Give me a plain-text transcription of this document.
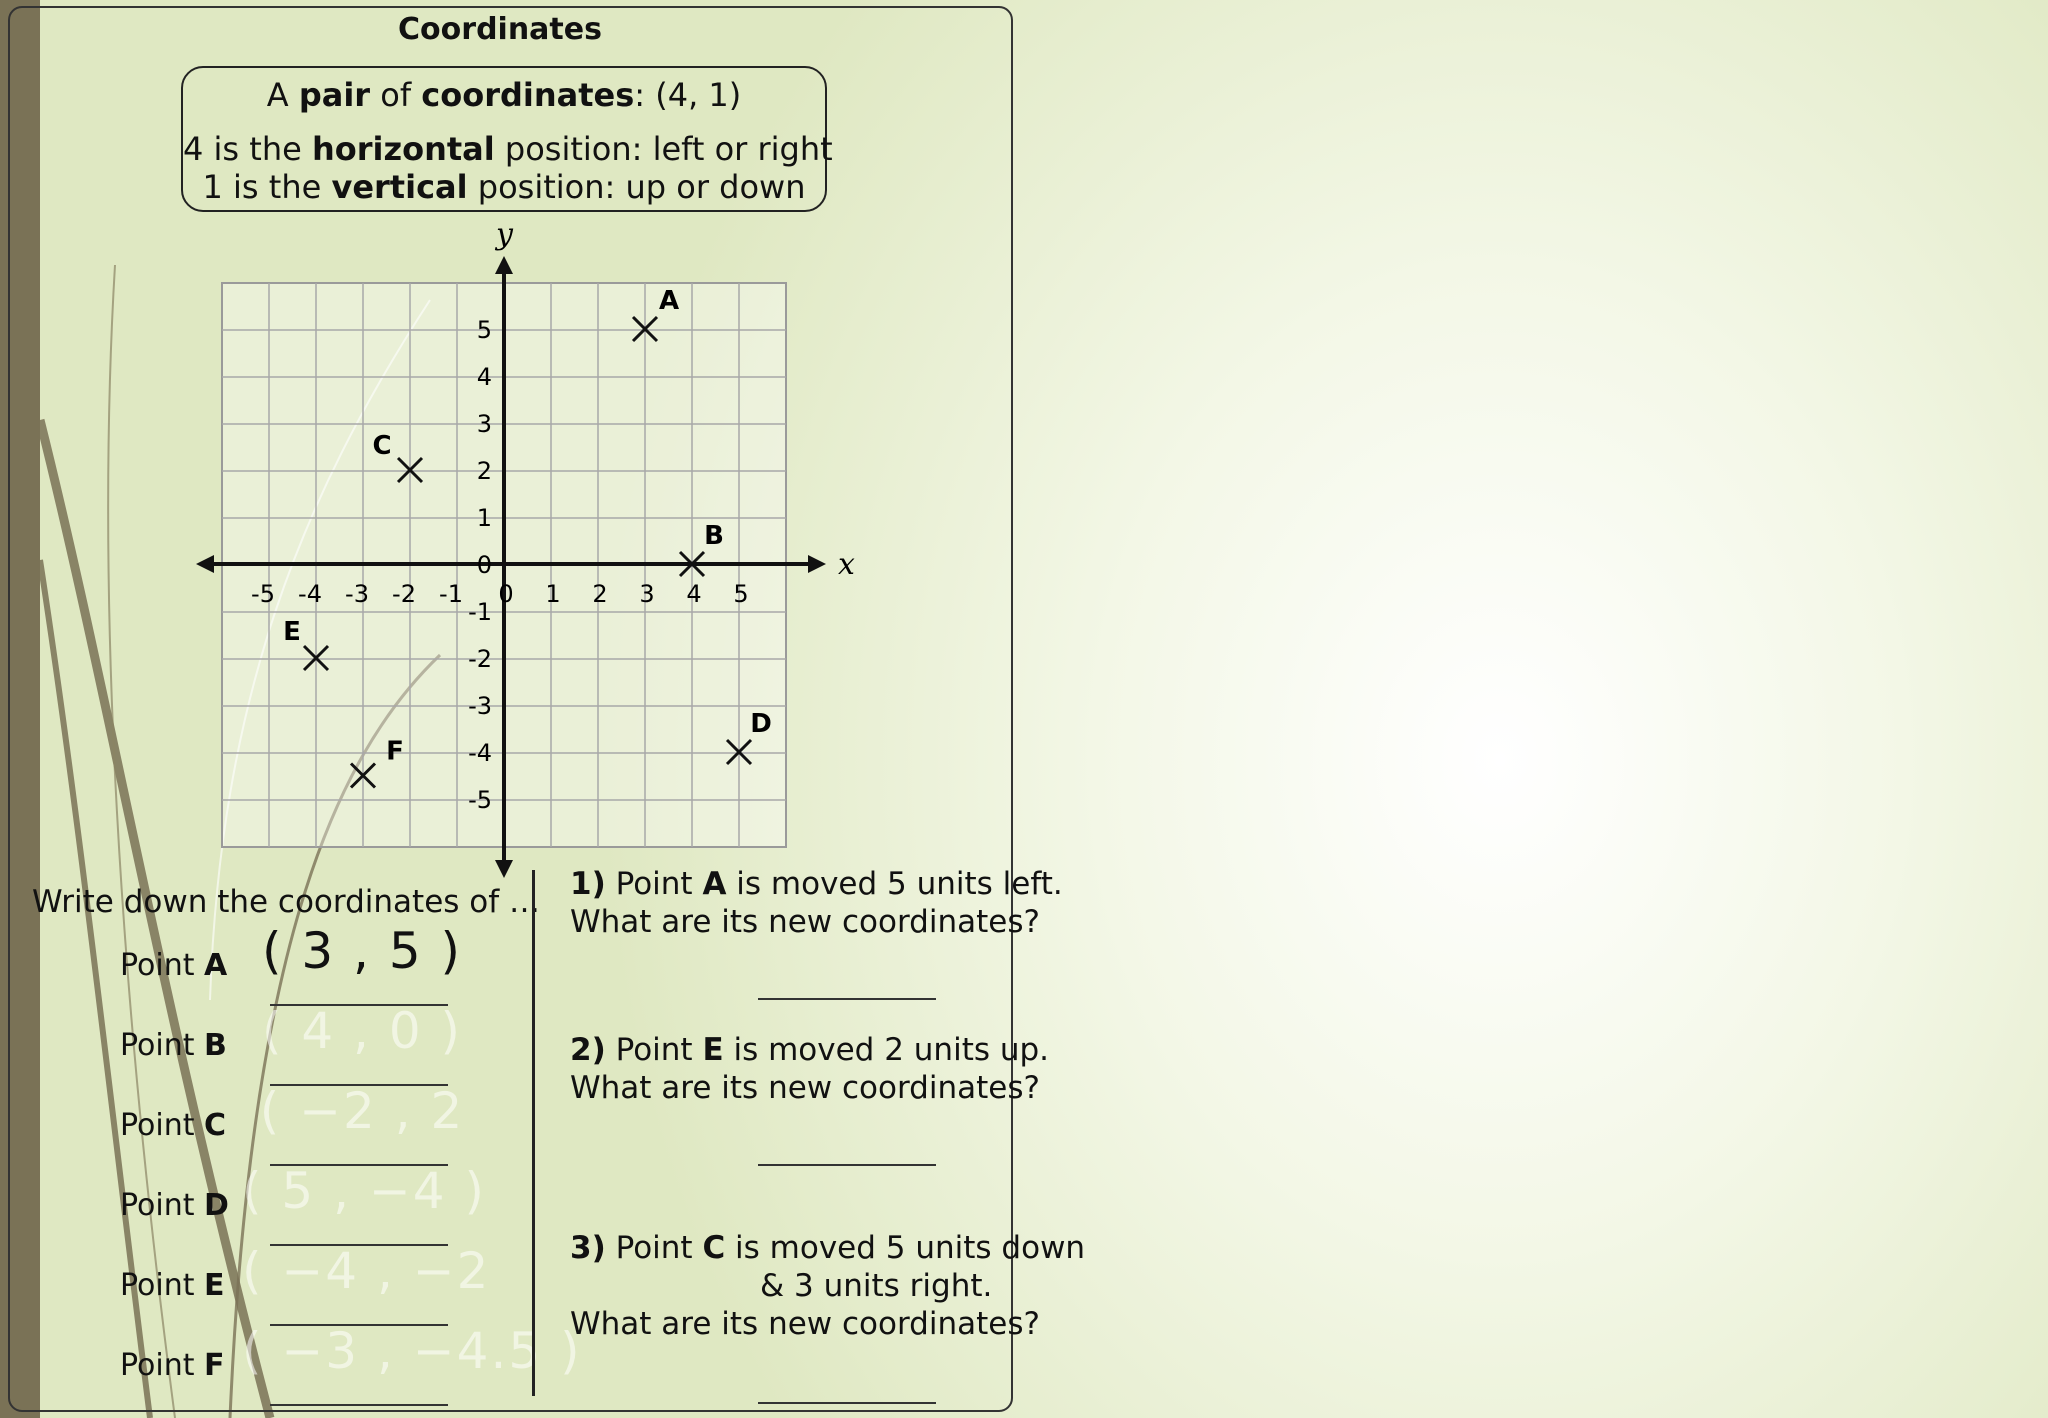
Coordinates
A pair of coordinates: (4, 1)
4 is the horizontal position: left or right
1 is the vertical position: up or down
-5 -4 -3 -2 -1 0 1 2 3 4 5
5
4
3
2
1
0
-1
-2
-3
-4
-5
A
B
C
D
E
F
x
y
Write down the coordinates of …
Point A ( 3 , 5 )
Point B ( 4 , 0 )
Point C ( −2 , 2
Point D ( 5 , −4 )
Point E ( −4 , −2
Point F ( −3 , −4.5 )
1) Point A is moved 5 units left.
What are its new coordinates?
2) Point E is moved 2 units up.
What are its new coordinates?
3) Point C is moved 5 units down
& 3 units right.
What are its new coordinates?
